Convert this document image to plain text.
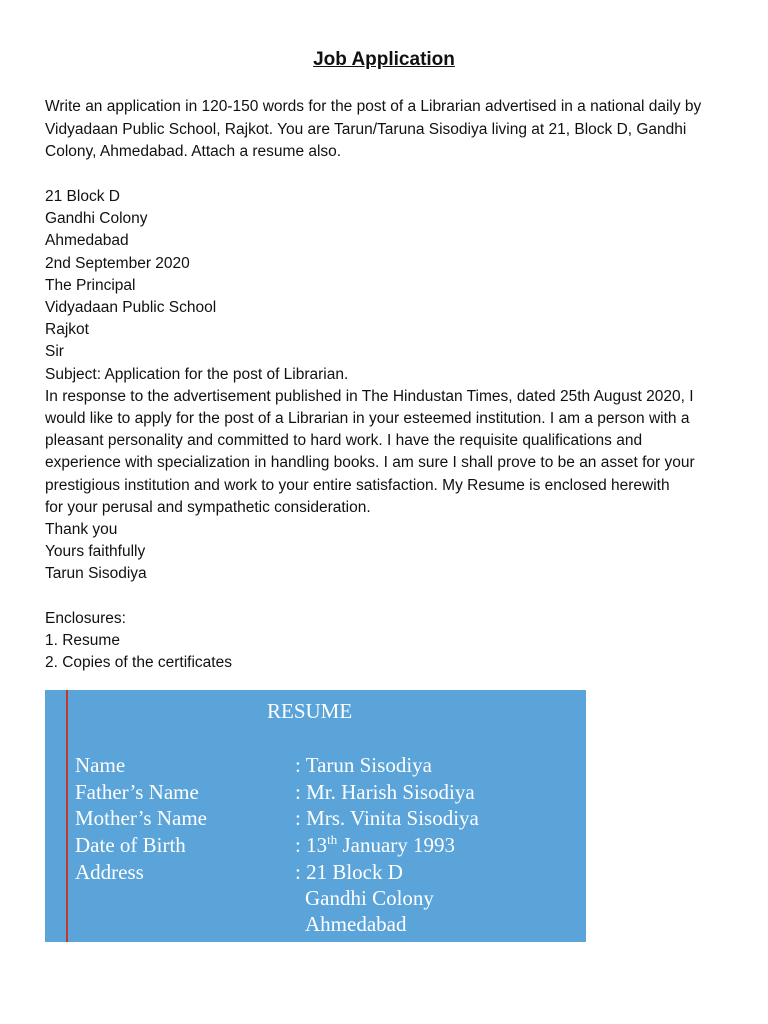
Job Application
Write an application in 120-150 words for the post of a Librarian advertised in a national daily by Vidyadaan Public School, Rajkot. You are Tarun/Taruna Sisodiya living at 21, Block D, Gandhi Colony, Ahmedabad. Attach a resume also.
21 Block D
Gandhi Colony
Ahmedabad
2nd September 2020
The Principal
Vidyadaan Public School
Rajkot
Sir
Subject: Application for the post of Librarian.
In response to the advertisement published in The Hindustan Times, dated 25th August 2020, I
would like to apply for the post of a Librarian in your esteemed institution. I am a person with a
pleasant personality and committed to hard work. I have the requisite qualifications and
experience with specialization in handling books. I am sure I shall prove to be an asset for your
prestigious institution and work to your entire satisfaction. My Resume is enclosed herewith
for your perusal and sympathetic consideration.
Thank you
Yours faithfully
Tarun Sisodiya
Enclosures:
1. Resume
2. Copies of the certificates
RESUME
Name	: Tarun Sisodiya
Father’s Name	: Mr. Harish Sisodiya
Mother’s Name	: Mrs. Vinita Sisodiya
Date of Birth	: 13th January 1993
Address	: 21 Block D
Gandhi Colony
Ahmedabad
